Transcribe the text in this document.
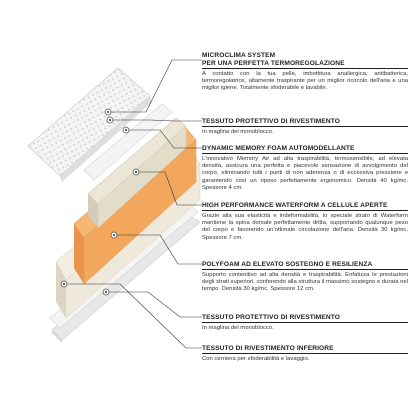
MICROCLIMA SYSTEM
PER UNA PERFETTA TERMOREGOLAZIONE
A contatto con la tua pelle, imbottitura anallergica, antibatterica, termoregolatrice, altamente traspirante per un miglior ricircolo dell'aria e una miglior igiene. Totalmente sfoderabile e lavabile.
TESSUTO PROTETTIVO DI RIVESTIMENTO
In maglina del monoblocco.
DYNAMIC MEMORY FOAM AUTOMODELLANTE
L'innovativo Memory Air ad alta traspirabilità, termosensibile, ad elevata densità, assicura una perfetta e piacevole sensazione di avvolgimento del corpo, eliminando tutti i punti di non aderenza o di eccessiva pressione e garantendo così un riposo perfettamente ergonomico. Densità 40 kg/mc. Spessore 4 cm.
HIGH PERFORMANCE WATERFORM A CELLULE APERTE
Grazie alla sua elasticità e indeformabilità, lo speciale strato di Waterform mantiene la spina dorsale perfettamente dritta, supportando qualunque peso del corpo e favorendo un'ottimale circolazione dell'aria. Densità 30 kg/mc. Spessore 7 cm.
POLYFOAM AD ELEVATO SOSTEGNO E RESILIENZA
Supporto contenitivo ad alta densità e traspirabilità. Enfatizza le prestazioni degli strati superiori, conferendo alla struttura il massimo sostegno e durata nel tempo. Densità 30 kg/mc. Spessore 12 cm.
TESSUTO PROTETTIVO DI RIVESTIMENTO
In maglina del monoblocco.
TESSUTO DI RIVESTIMENTO INFERIORE
Con cerniera per sfoderabilità e lavaggio.
